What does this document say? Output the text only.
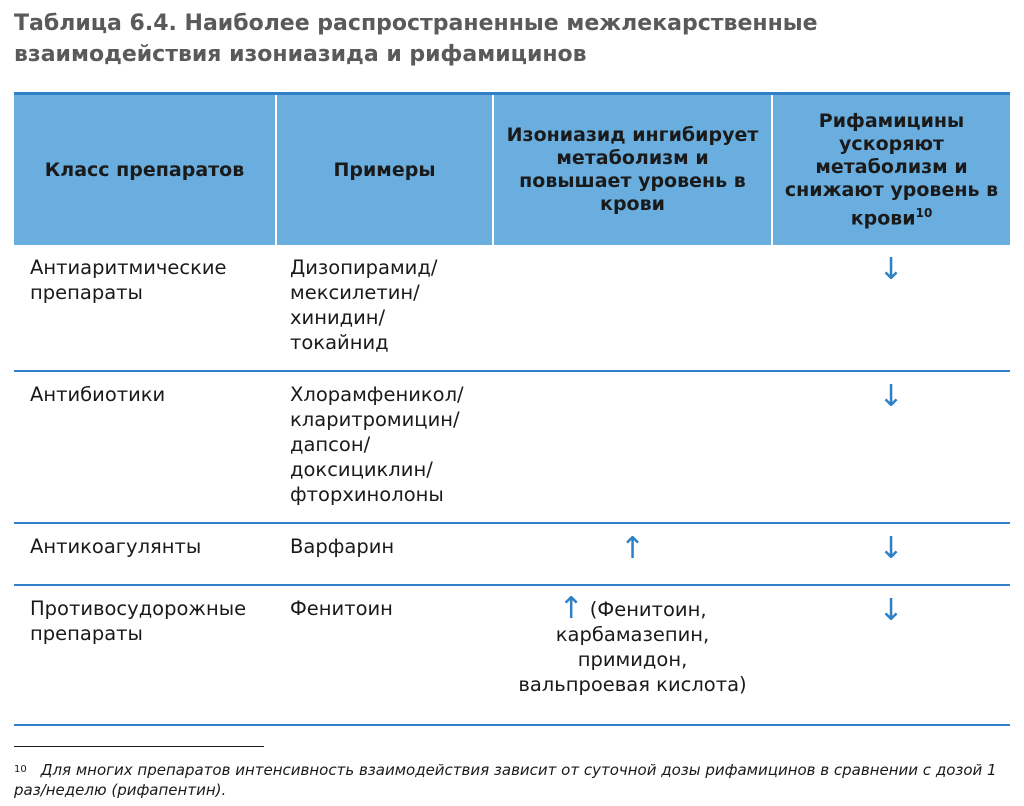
Таблица 6.4. Наиболее распространенные межлекарственные взаимодействия изониазида и рифамицинов
Класс препаратов	Примеры	Изониазид ингибирует метаболизм и повышает уровень в крови	Рифамицины ускоряют метаболизм и снижают уровень в крови$^{10}$
Антиаритмические препараты	Дизопирамид/ мексилетин/ хинидин/ токайнид		↓
Антибиотики	Хлорамфеникол/ кларитромицин/ дапсон/ доксициклин/ фторхинолоны		↓
Антикоагулянты	Варфарин	↑	↓
Противосудорожные препараты	Фенитоин	↑ (Фенитоин, карбамазепин, примидон, вальпроевая кислота)	↓
$^{10}$ Для многих препаратов интенсивность взаимодействия зависит от суточной дозы рифамицинов в сравнении с дозой 1 раз/неделю (рифапентин).
